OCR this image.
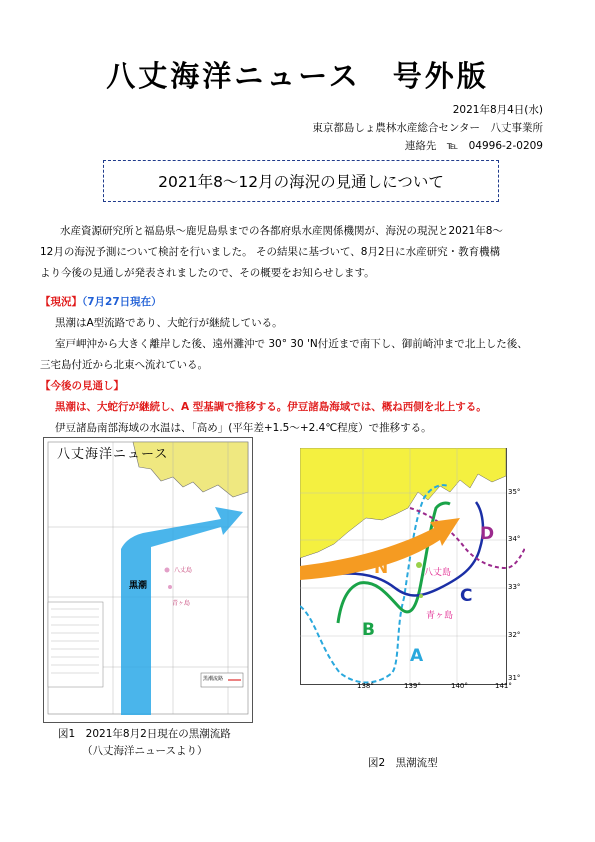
八丈海洋ニュース　号外版
2021年8月4日(水)
東京都島しょ農林水産総合センター　八丈事業所
連絡先　℡　04996-2-0209
2021年8～12月の海況の見通しについて
水産資源研究所と福島県～鹿児島県までの各都府県水産関係機関が、海況の現況と2021年8～
12月の海況予測について検討を行いました。 その結果に基づいて、8月2日に水産研究・教育機構
より今後の見通しが発表されましたので、その概要をお知らせします。
【現況】（7月27日現在）
黒潮はA型流路であり、大蛇行が継続している。
室戸岬沖から大きく離岸した後、遠州灘沖で 30° 30 'N付近まで南下し、御前崎沖まで北上した後、
三宅島付近から北東へ流れている。
【今後の見通し】
黒潮は、大蛇行が継続し、A 型基調で推移する。伊豆諸島海域では、概ね西側を北上する。
伊豆諸島南部海域の水温は、「高め」(平年差+1.5～+2.4℃程度）で推移する。
八丈海洋ニュース
黒潮
八丈島
青ヶ島
黒潮流路
図1　2021年8月2日現在の黒潮流路
（八丈海洋ニュースより）
N
A
B
C
D
八丈島
青ヶ島
35°
34°
33°
32°
31°
138°	139°	140°	141°
図2　黒潮流型
